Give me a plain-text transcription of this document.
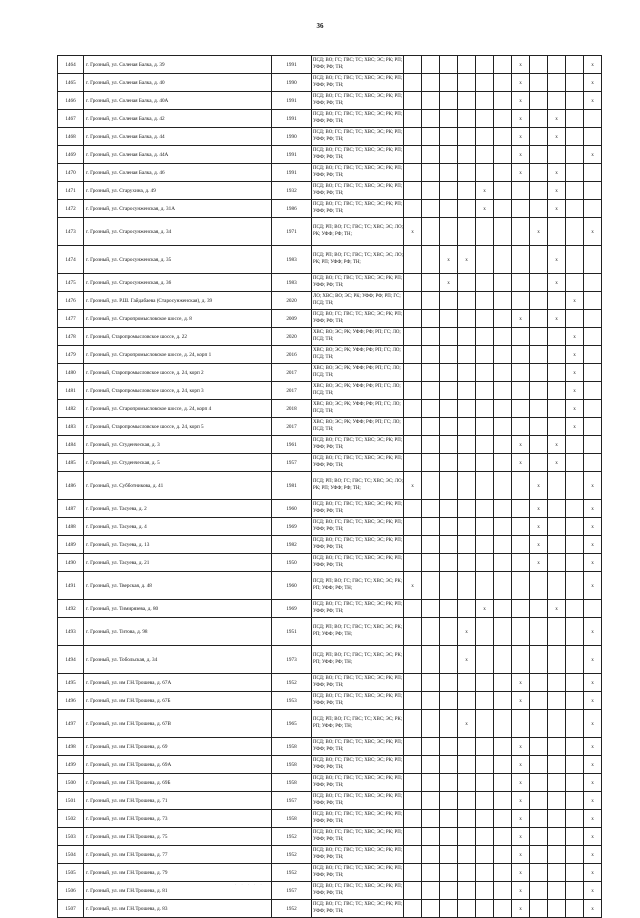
36
1464	г. Грозный, ул. Соленая Балка, д. 39	1991	ПСД; ВО; ГС; ГВС; ТС; ХВС; ЭС; РК; РП; УФФ; РФ; ТН;							x				x
1465	г. Грозный, ул. Соленая Балка, д. 40	1990	ПСД; ВО; ГС; ГВС; ТС; ХВС; ЭС; РК; РП; УФФ; РФ; ТН;							x				x
1466	г. Грозный, ул. Соленая Балка, д. 40А	1991	ПСД; ВО; ГС; ГВС; ТС; ХВС; ЭС; РК; РП; УФФ; РФ; ТН;							x				x
1467	г. Грозный, ул. Соленая Балка, д. 42	1991	ПСД; ВО; ГС; ГВС; ТС; ХВС; ЭС; РК; РП; УФФ; РФ; ТН;							x		x		
1468	г. Грозный, ул. Соленая Балка, д. 44	1990	ПСД; ВО; ГС; ГВС; ТС; ХВС; ЭС; РК; РП; УФФ; РФ; ТН;							x		x		
1469	г. Грозный, ул. Соленая Балка, д. 44А	1991	ПСД; ВО; ГС; ГВС; ТС; ХВС; ЭС; РК; РП; УФФ; РФ; ТН;							x				x
1470	г. Грозный, ул. Соленая Балка, д. 46	1991	ПСД; ВО; ГС; ГВС; ТС; ХВС; ЭС; РК; РП; УФФ; РФ; ТН;							x		x		
1471	г. Грозный, ул. Старухина, д. 49	1932	ПСД; ВО; ГС; ГВС; ТС; ХВС; ЭС; РК; РП; УФФ; РФ; ТН;					x				x		
1472	г. Грозный, ул. Старосунженская, д. 31А	1986	ПСД; ВО; ГС; ГВС; ТС; ХВС; ЭС; РК; РП; УФФ; РФ; ТН;					x				x		
1473	г. Грозный, ул. Старосунженская, д. 34	1971	ПСД; РП; ВО; ГС; ГВС; ТС; ХВС; ЭС; ЛО; РК; УФФ; РФ; ТН;	x							x			x
1474	г. Грозный, ул. Старосунженская, д. 35	1983	ПСД; РП; ВО; ГС; ГВС; ТС; ХВС; ЭС; ЛО; РК; РП; УФФ; РФ; ТН;			x	x					x		
1475	г. Грозный, ул. Старосунженская, д. 36	1983	ПСД; ВО; ГС; ГВС; ТС; ХВС; ЭС; РК; РП; УФФ; РФ; ТН;			x						x		
1476	г. Грозный, ул. Р.Ш. Гайдабаева (Старосунженская), д. 39	2020	ЛО; ХВС; ВО; ЭС; РК; УФФ; РФ; РП; ГС; ПСД; ТН;										x	
1477	г. Грозный, ул. Старопромысловское шоссе, д. 8	2009	ПСД; ВО; ГС; ГВС; ТС; ХВС; ЭС; РК; РП; УФФ; РФ; ТН;							x		x		
1478	г. Грозный, Старопромысловское шоссе, д. 22	2020	ХВС; ВО; ЭС; РК; УФФ; РФ; РП; ГС; ЛО; ПСД; ТН;										x	
1479	г. Грозный, ул. Старопромысловское шоссе, д. 24, корп 1	2016	ХВС; ВО; ЭС; РК; УФФ; РФ; РП; ГС; ЛО; ПСД; ТН;										x	
1480	г. Грозный, Старопромысловское шоссе, д. 24, корп 2	2017	ХВС; ВО; ЭС; РК; УФФ; РФ; РП; ГС; ЛО; ПСД; ТН;										x	
1481	г. Грозный, Старопромысловское шоссе, д. 24, корп 3	2017	ХВС; ВО; ЭС; РК; УФФ; РФ; РП; ГС; ЛО; ПСД; ТН;										x	
1482	г. Грозный, ул. Старопромысловское шоссе, д. 24, корп 4	2018	ХВС; ВО; ЭС; РК; УФФ; РФ; РП; ГС; ЛО; ПСД; ТН;										x	
1483	г. Грозный, Старопромысловское шоссе, д. 24, корп 5	2017	ХВС; ВО; ЭС; РК; УФФ; РФ; РП; ГС; ЛО; ПСД; ТН;										x	
1484	г. Грозный, ул. Студенческая, д. 3	1961	ПСД; ВО; ГС; ГВС; ТС; ХВС; ЭС; РК; РП; УФФ; РФ; ТН;							x		x		
1485	г. Грозный, ул. Студенческая, д. 5	1957	ПСД; ВО; ГС; ГВС; ТС; ХВС; ЭС; РК; РП; УФФ; РФ; ТН;							x		x		
1486	г. Грозный, ул. Субботникова, д. 41	1981	ПСД; РП; ВО; ГС; ГВС; ТС; ХВС; ЭС; ЛО; РК; РП; УФФ; РФ; ТН;	x							x			x
1487	г. Грозный, ул. Тасуева, д. 2	1960	ПСД; ВО; ГС; ГВС; ТС; ХВС; ЭС; РК; РП; УФФ; РФ; ТН;								x			x
1488	г. Грозный, ул. Тасуева, д. 4	1969	ПСД; ВО; ГС; ГВС; ТС; ХВС; ЭС; РК; РП; УФФ; РФ; ТН;								x			x
1489	г. Грозный, ул. Тасуева, д. 13	1982	ПСД; ВО; ГС; ГВС; ТС; ХВС; ЭС; РК; РП; УФФ; РФ; ТН;								x			x
1490	г. Грозный, ул. Тасуева, д. 21	1950	ПСД; ВО; ГС; ГВС; ТС; ХВС; ЭС; РК; РП; УФФ; РФ; ТН;								x			x
1491	г. Грозный, ул. Тверская, д. 48	1960	ПСД; РП; ВО; ГС; ГВС; ТС; ХВС; ЭС; РК; РП; УФФ; РФ; ТН;	x										x
1492	г. Грозный, ул. Тимирязева, д. 80	1969	ПСД; ВО; ГС; ГВС; ТС; ХВС; ЭС; РК; РП; УФФ; РФ; ТН;					x				x		
1493	г. Грозный, ул. Титова, д. 98	1951	ПСД; РП; ВО; ГС; ГВС; ТС; ХВС; ЭС; РК; РП; УФФ; РФ; ТН;				x							x
1494	г. Грозный, ул. Тобольская, д. 34	1973	ПСД; РП; ВО; ГС; ГВС; ТС; ХВС; ЭС; РК; РП; УФФ; РФ; ТН;				x							x
1495	г. Грозный, ул. им Г.Н.Трошева, д. 67А	1952	ПСД; ВО; ГС; ГВС; ТС; ХВС; ЭС; РК; РП; УФФ; РФ; ТН;							x				x
1496	г. Грозный, ул. им Г.Н.Трошева, д. 67Б	1953	ПСД; ВО; ГС; ГВС; ТС; ХВС; ЭС; РК; РП; УФФ; РФ; ТН;							x				x
1497	г. Грозный, ул. им Г.Н.Трошева, д. 67В	1965	ПСД; РП; ВО; ГС; ГВС; ТС; ХВС; ЭС; РК; РП; УФФ; РФ; ТН;				x							x
1498	г. Грозный, ул. им Г.Н.Трошева, д. 69	1958	ПСД; ВО; ГС; ГВС; ТС; ХВС; ЭС; РК; РП; УФФ; РФ; ТН;							x				x
1499	г. Грозный, ул. им Г.Н.Трошева, д. 69А	1958	ПСД; ВО; ГС; ГВС; ТС; ХВС; ЭС; РК; РП; УФФ; РФ; ТН;							x				x
1500	г. Грозный, ул. им Г.Н.Трошева, д. 69Б	1958	ПСД; ВО; ГС; ГВС; ТС; ХВС; ЭС; РК; РП; УФФ; РФ; ТН;							x				x
1501	г. Грозный, ул. им Г.Н.Трошева, д. 71	1957	ПСД; ВО; ГС; ГВС; ТС; ХВС; ЭС; РК; РП; УФФ; РФ; ТН;							x				x
1502	г. Грозный, ул. им Г.Н.Трошева, д. 73	1958	ПСД; ВО; ГС; ГВС; ТС; ХВС; ЭС; РК; РП; УФФ; РФ; ТН;							x				x
1503	г. Грозный, ул. им Г.Н.Трошева, д. 75	1952	ПСД; ВО; ГС; ГВС; ТС; ХВС; ЭС; РК; РП; УФФ; РФ; ТН;							x				x
1504	г. Грозный, ул. им Г.Н.Трошева, д. 77	1952	ПСД; ВО; ГС; ГВС; ТС; ХВС; ЭС; РК; РП; УФФ; РФ; ТН;							x				x
1505	г. Грозный, ул. им Г.Н.Трошева, д. 79	1952	ПСД; ВО; ГС; ГВС; ТС; ХВС; ЭС; РК; РП; УФФ; РФ; ТН;							x				x
1506	г. Грозный, ул. им Г.Н.Трошева, д. 81	1957	ПСД; ВО; ГС; ГВС; ТС; ХВС; ЭС; РК; РП; УФФ; РФ; ТН;							x				x
1507	г. Грозный, ул. им Г.Н.Трошева, д. 83	1952	ПСД; ВО; ГС; ГВС; ТС; ХВС; ЭС; РК; РП; УФФ; РФ; ТН;							x				x
· · · · ·
